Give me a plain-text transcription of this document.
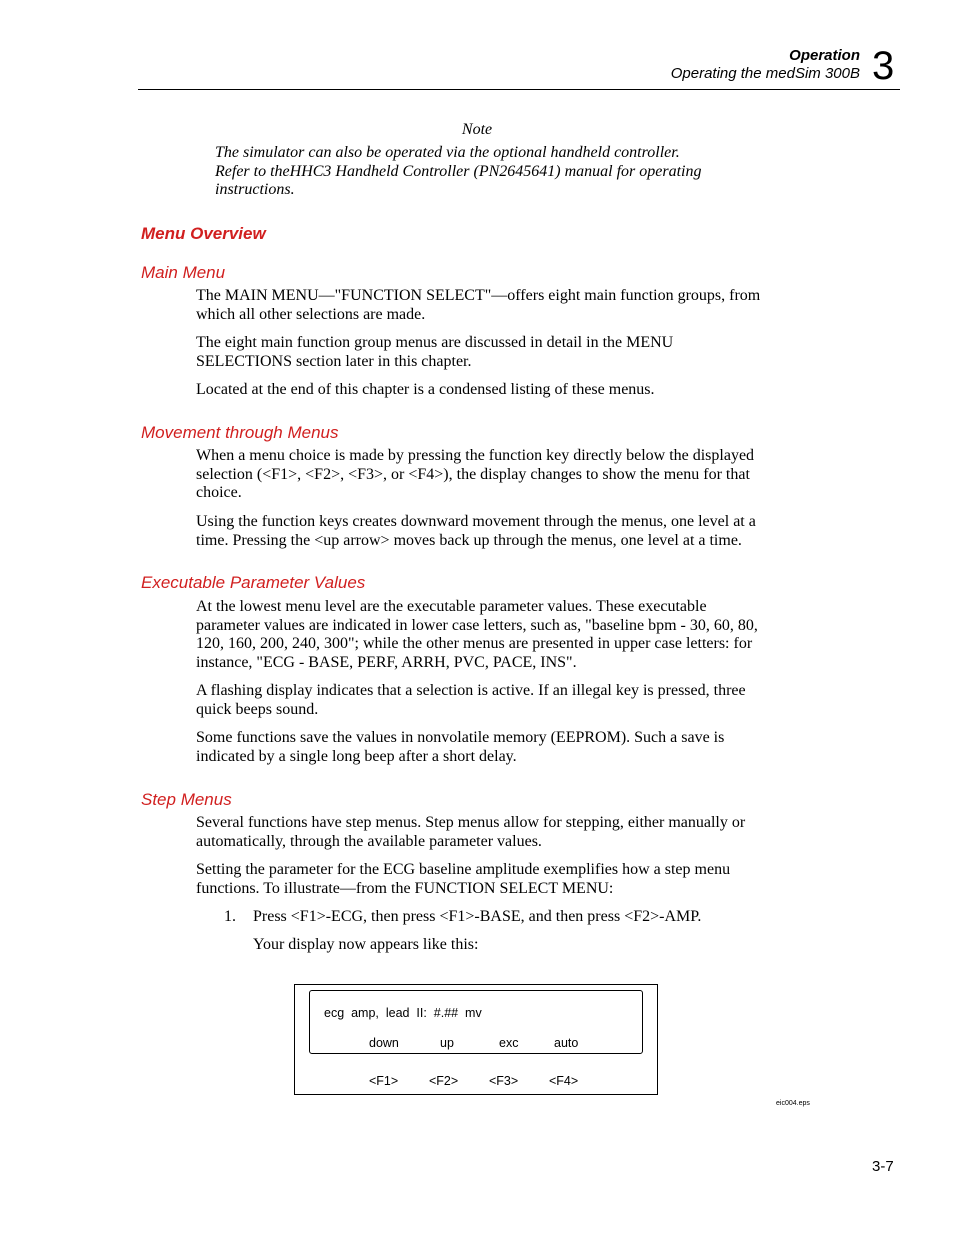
Operation
Operating the medSim 300B 3
Note
The simulator can also be operated via the optional handheld controller.
Refer to theHHC3 Handheld Controller (PN2645641) manual for operating
instructions.
Menu Overview
Main Menu
The MAIN MENU—"FUNCTION SELECT"—offers eight main function groups, from
which all other selections are made.
The eight main function group menus are discussed in detail in the MENU
SELECTIONS section later in this chapter.
Located at the end of this chapter is a condensed listing of these menus.
Movement through Menus
When a menu choice is made by pressing the function key directly below the displayed
selection (<F1>, <F2>, <F3>, or <F4>), the display changes to show the menu for that
choice.
Using the function keys creates downward movement through the menus, one level at a
time. Pressing the <up arrow> moves back up through the menus, one level at a time.
Executable Parameter Values
At the lowest menu level are the executable parameter values. These executable
parameter values are indicated in lower case letters, such as, "baseline bpm - 30, 60, 80,
120, 160, 200, 240, 300"; while the other menus are presented in upper case letters: for
instance, "ECG - BASE, PERF, ARRH, PVC, PACE, INS".
A flashing display indicates that a selection is active. If an illegal key is pressed, three
quick beeps sound.
Some functions save the values in nonvolatile memory (EEPROM). Such a save is
indicated by a single long beep after a short delay.
Step Menus
Several functions have step menus. Step menus allow for stepping, either manually or
automatically, through the available parameter values.
Setting the parameter for the ECG baseline amplitude exemplifies how a step menu
functions. To illustrate—from the FUNCTION SELECT MENU:
1. Press <F1>-ECG, then press <F1>-BASE, and then press <F2>-AMP.
Your display now appears like this:
ecg  amp,  lead  II:  #.##  mv
down	up	exc	auto
<F1> <F2> <F3> <F4>
eic004.eps
3-7
